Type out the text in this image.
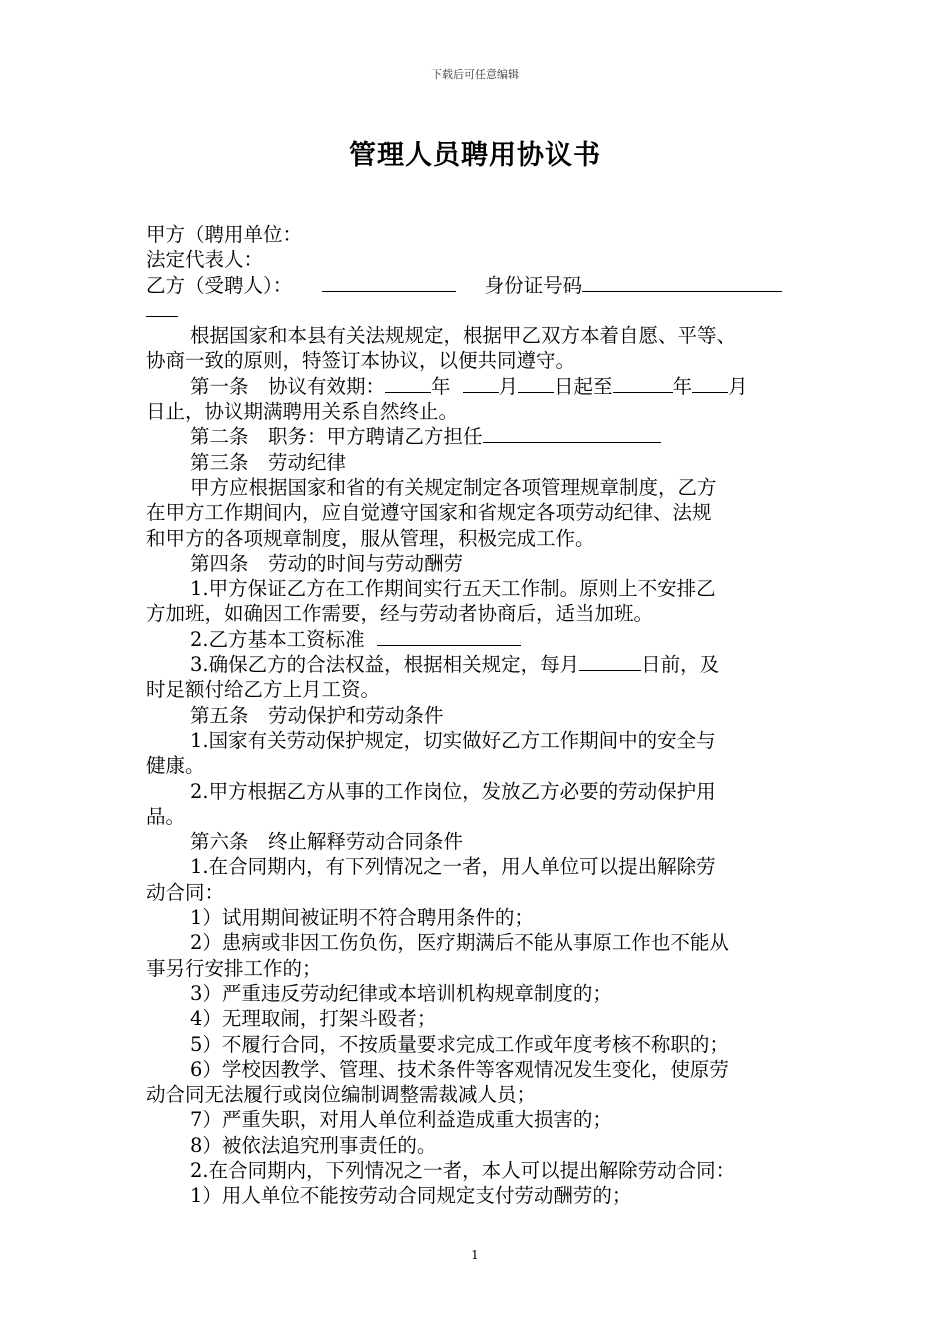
下载后可任意编辑
管理人员聘用协议书
甲方（聘用单位：
法定代表人：
乙方（受聘人）：	身份证号码
根据国家和本县有关法规规定，根据甲乙双方本着自愿、平等、
协商一致的原则，特签订本协议，以便共同遵守。
第一条　协议有效期： 年 月 日起至	年 月
日止，协议期满聘用关系自然终止。
第二条　职务：甲方聘请乙方担任
第三条　劳动纪律
甲方应根据国家和省的有关规定制定各项管理规章制度，乙方
在甲方工作期间内，应自觉遵守国家和省规定各项劳动纪律、法规
和甲方的各项规章制度，服从管理，积极完成工作。
第四条　劳动的时间与劳动酬劳
1.甲方保证乙方在工作期间实行五天工作制。原则上不安排乙
方加班，如确因工作需要，经与劳动者协商后，适当加班。
2.乙方基本工资标准
3.确保乙方的合法权益，根据相关规定，每月	日前，及
时足额付给乙方上月工资。
第五条　劳动保护和劳动条件
1.国家有关劳动保护规定，切实做好乙方工作期间中的安全与
健康。
2.甲方根据乙方从事的工作岗位，发放乙方必要的劳动保护用
品。
第六条　终止解释劳动合同条件
1.在合同期内，有下列情况之一者，用人单位可以提出解除劳
动合同：
1）试用期间被证明不符合聘用条件的；
2）患病或非因工伤负伤，医疗期满后不能从事原工作也不能从
事另行安排工作的；
3）严重违反劳动纪律或本培训机构规章制度的；
4）无理取闹，打架斗殴者；
5）不履行合同，不按质量要求完成工作或年度考核不称职的；
6）学校因教学、管理、技术条件等客观情况发生变化，使原劳
动合同无法履行或岗位编制调整需裁减人员；
7）严重失职，对用人单位利益造成重大损害的；
8）被依法追究刑事责任的。
2.在合同期内，下列情况之一者，本人可以提出解除劳动合同：
1）用人单位不能按劳动合同规定支付劳动酬劳的；
1
